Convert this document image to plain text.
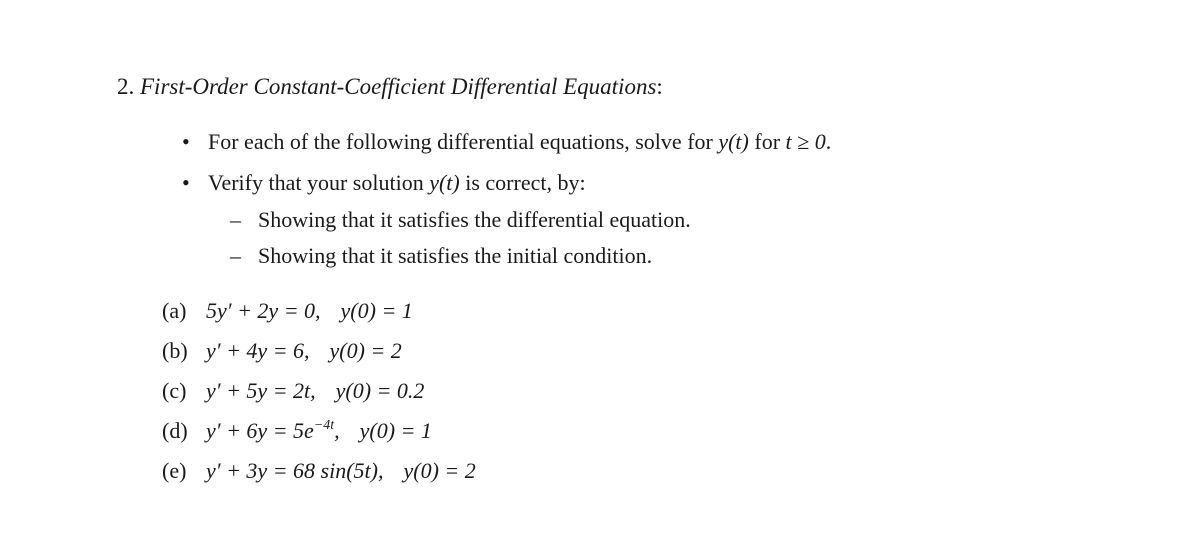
2. First-Order Constant-Coefficient Differential Equations:
• For each of the following differential equations, solve for y(t) for t ≥ 0.
• Verify that your solution y(t) is correct, by:
– Showing that it satisfies the differential equation.
– Showing that it satisfies the initial condition.
(a) 5y′ + 2y = 0, y(0) = 1
(b) y′ + 4y = 6, y(0) = 2
(c) y′ + 5y = 2t, y(0) = 0.2
(d) $y' + 6y = 5e^{-4t}$, y(0) = 1
(e) y′ + 3y = 68 sin(5t), y(0) = 2
